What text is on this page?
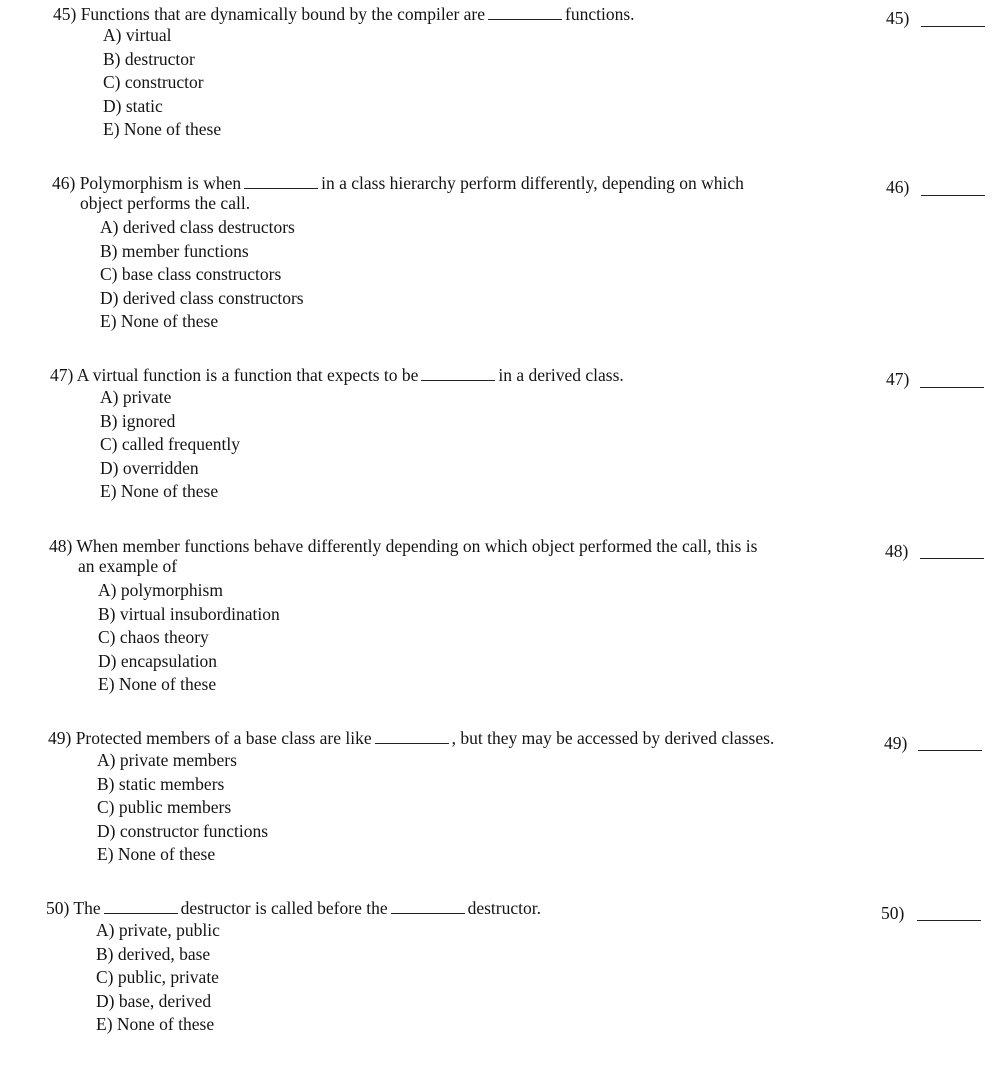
45) Functions that are dynamically bound by the compiler are	functions.
A) virtual
B) destructor
C) constructor
D) static
E) None of these
45)
46) Polymorphism is when	in a class hierarchy perform differently, depending on which
object performs the call.
A) derived class destructors
B) member functions
C) base class constructors
D) derived class constructors
E) None of these
46)
47) A virtual function is a function that expects to be	in a derived class.
A) private
B) ignored
C) called frequently
D) overridden
E) None of these
47)
48) When member functions behave differently depending on which object performed the call, this is
an example of
A) polymorphism
B) virtual insubordination
C) chaos theory
D) encapsulation
E) None of these
48)
49) Protected members of a base class are like	, but they may be accessed by derived classes.
A) private members
B) static members
C) public members
D) constructor functions
E) None of these
49)
50) The	destructor is called before the	destructor.
A) private, public
B) derived, base
C) public, private
D) base, derived
E) None of these
50)
